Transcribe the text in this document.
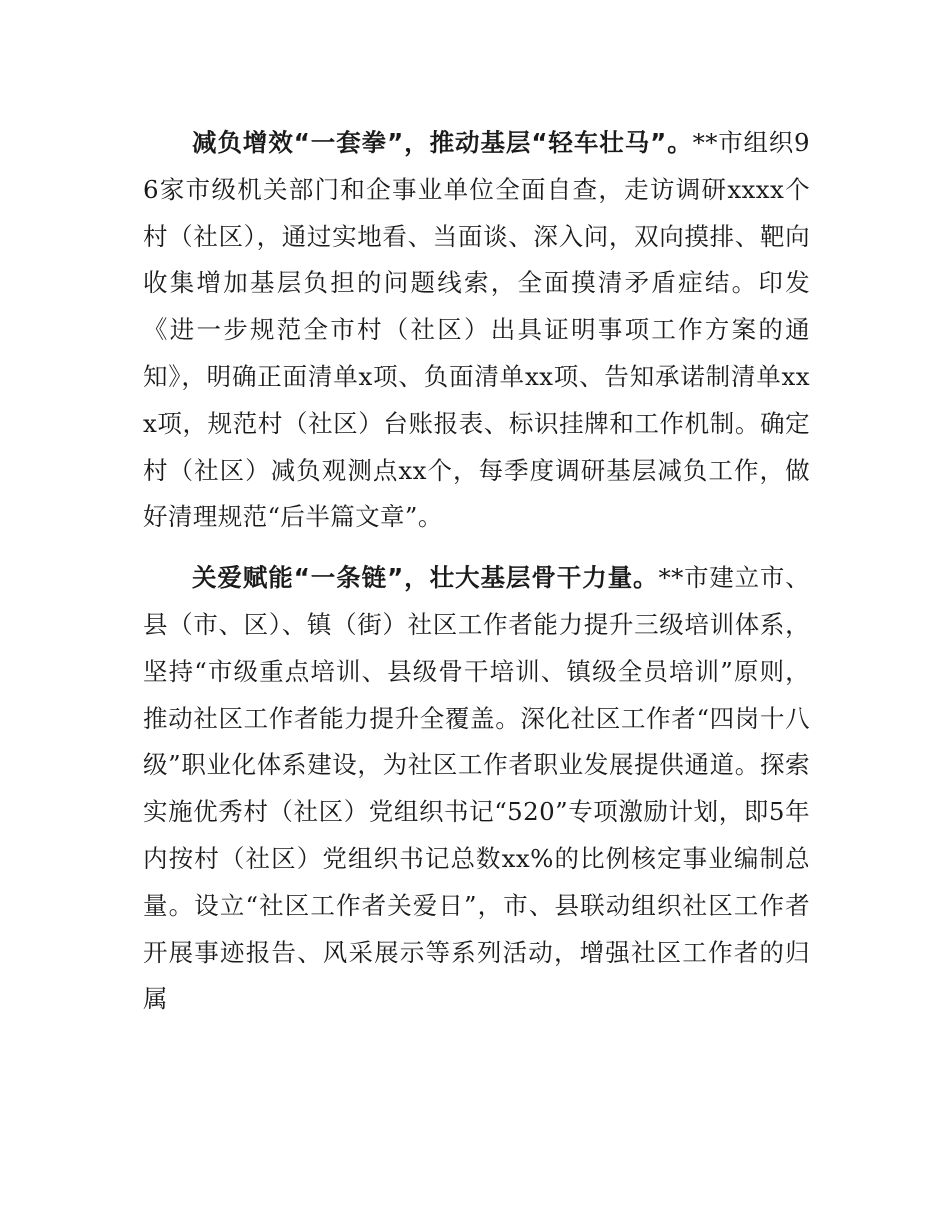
减负增效“一套拳”，推动基层“轻车壮马”。**市组织96家市级机关部门和企事业单位全面自查，走访调研xxxx个村（社区），通过实地看、当面谈、深入问，双向摸排、靶向收集增加基层负担的问题线索，全面摸清矛盾症结。印发《进一步规范全市村（社区）出具证明事项工作方案的通知》，明确正面清单x项、负面清单xx项、告知承诺制清单xxx项，规范村（社区）台账报表、标识挂牌和工作机制。确定村（社区）减负观测点xx个，每季度调研基层减负工作，做好清理规范“后半篇文章”。

关爱赋能“一条链”，壮大基层骨干力量。**市建立市、县（市、区）、镇（街）社区工作者能力提升三级培训体系，坚持“市级重点培训、县级骨干培训、镇级全员培训”原则，推动社区工作者能力提升全覆盖。深化社区工作者“四岗十八级”职业化体系建设，为社区工作者职业发展提供通道。探索实施优秀村（社区）党组织书记“520”专项激励计划，即5年内按村（社区）党组织书记总数xx%的比例核定事业编制总量。设立“社区工作者关爱日”，市、县联动组织社区工作者开展事迹报告、风采展示等系列活动，增强社区工作者的归属
